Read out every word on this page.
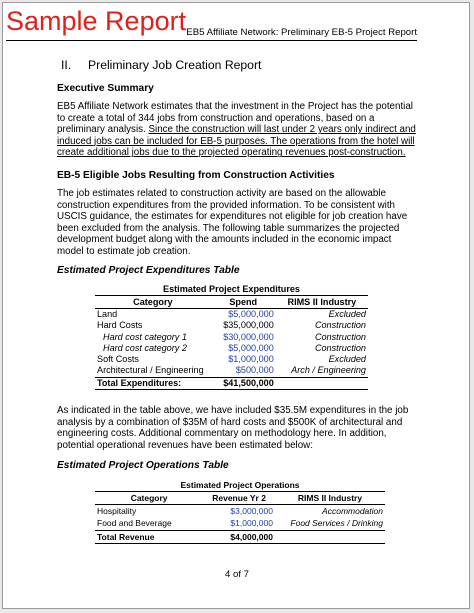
Sample Report EB5 Affiliate Network: Preliminary EB-5 Project Report
II. Preliminary Job Creation Report
Executive Summary

EB5 Affiliate Network estimates that the investment in the Project has the potential to create a total of 344 jobs from construction and operations, based on a preliminary analysis. Since the construction will last under 2 years only indirect and induced jobs can be included for EB-5 purposes. The operations from the hotel will create additional jobs due to the projected operating revenues post-construction.

EB-5 Eligible Jobs Resulting from Construction Activities

The job estimates related to construction activity are based on the allowable construction expenditures from the provided information. To be consistent with USCIS guidance, the estimates for expenditures not eligible for job creation have been excluded from the analysis. The following table summarizes the projected development budget along with the amounts included in the economic impact model to estimate job creation.

Estimated Project Expenditures Table
Estimated Project Expenditures
Category	Spend	RIMS II Industry
Land	$5,000,000	Excluded
Hard Costs	$35,000,000	Construction
Hard cost category 1	$30,000,000	Construction
Hard cost category 2	$5,000,000	Construction
Soft Costs	$1,000,000	Excluded
Architectural / Engineering	$500,000	Arch / Engineering
Total Expenditures:	$41,500,000	

As indicated in the table above, we have included $35.5M expenditures in the job analysis by a combination of $35M of hard costs and $500K of architectural and engineering costs. Additional commentary on methodology here. In addition, potential operational revenues have been estimated below:

Estimated Project Operations Table
Estimated Project Operations
Category	Revenue Yr 2	RIMS II Industry
Hospitality	$3,000,000	Accommodation
Food and Beverage	$1,000,000	Food Services / Drinking
Total Revenue	$4,000,000	
4 of 7
